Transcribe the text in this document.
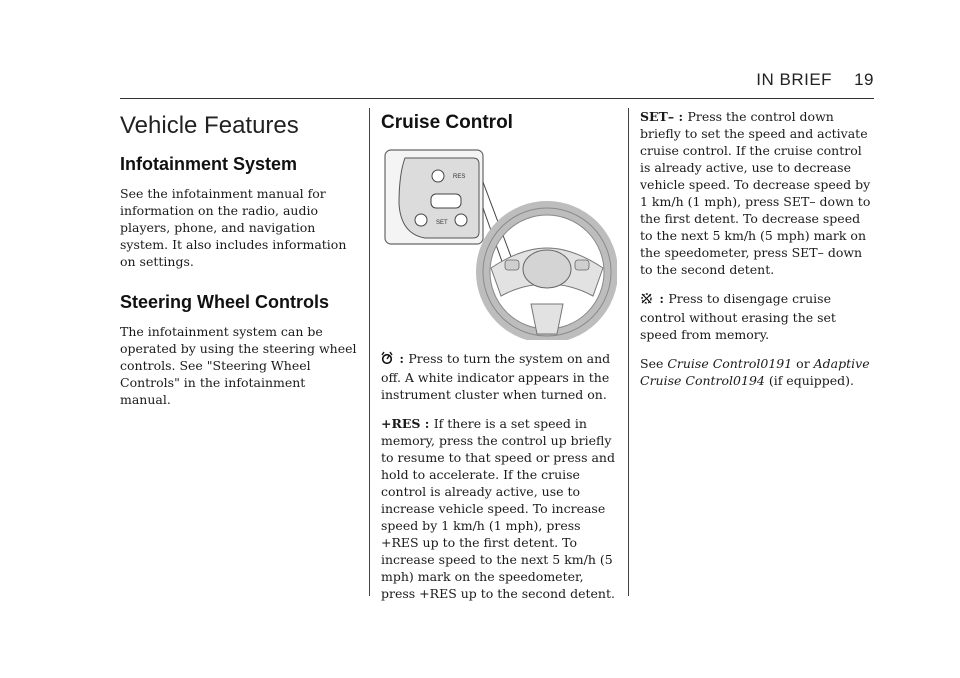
IN BRIEF 19
Vehicle Features
Infotainment System

See the infotainment manual for information on the radio, audio players, phone, and navigation system. It also includes information on settings.

Steering Wheel Controls

The infotainment system can be operated by using the steering wheel controls. See "Steering Wheel Controls" in the infotainment manual.

Cruise Control
RES
SET

: Press to turn the system on and off. A white indicator appears in the instrument cluster when turned on.

+RES : If there is a set speed in memory, press the control up briefly to resume to that speed or press and hold to accelerate. If the cruise control is already active, use to increase vehicle speed. To increase speed by 1 km/h (1 mph), press +RES up to the first detent. To increase speed to the next 5 km/h (5 mph) mark on the speedometer, press +RES up to the second detent.

SET– : Press the control down briefly to set the speed and activate cruise control. If the cruise control is already active, use to decrease vehicle speed. To decrease speed by 1 km/h (1 mph), press SET– down to the first detent. To decrease speed to the next 5 km/h (5 mph) mark on the speedometer, press SET– down to the second detent.

: Press to disengage cruise control without erasing the set speed from memory.

See Cruise Control0191 or Adaptive Cruise Control0194 (if equipped).
